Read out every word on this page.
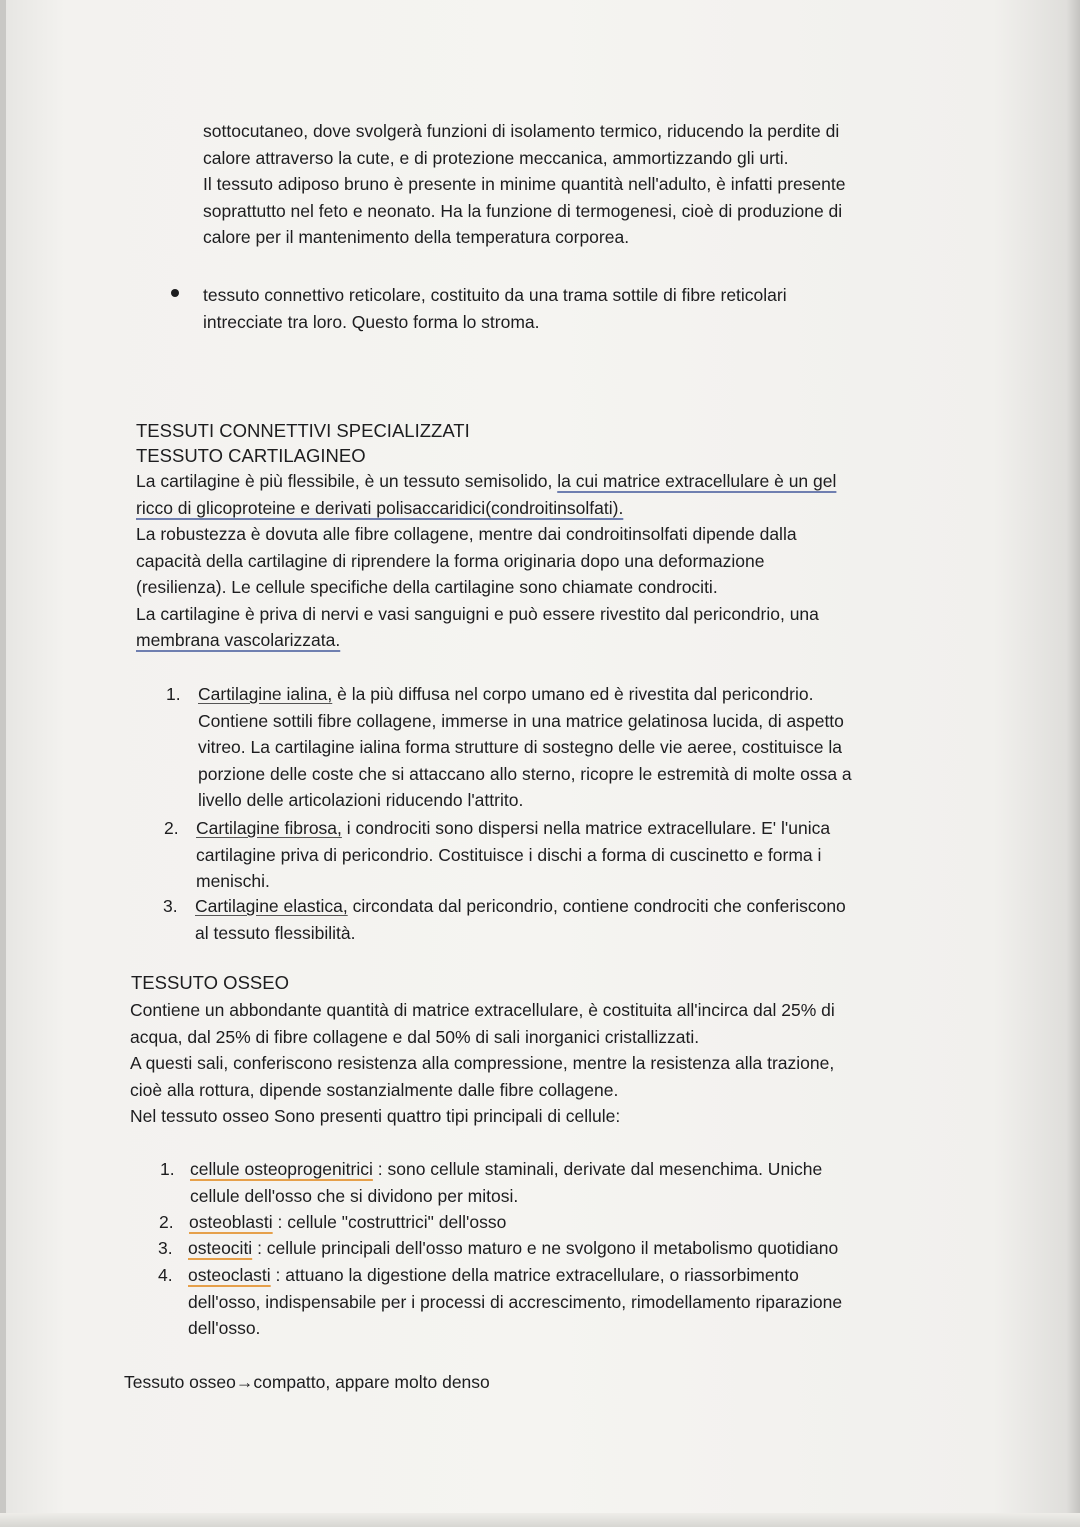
sottocutaneo, dove svolgerà funzioni di isolamento termico, riducendo la perdite di
calore attraverso la cute, e di protezione meccanica, ammortizzando gli urti.
Il tessuto adiposo bruno è presente in minime quantità nell'adulto, è infatti presente
soprattutto nel feto e neonato. Ha la funzione di termogenesi, cioè di produzione di
calore per il mantenimento della temperatura corporea.
tessuto connettivo reticolare, costituito da una trama sottile di fibre reticolari
intrecciate tra loro. Questo forma lo stroma.
TESSUTI CONNETTIVI SPECIALIZZATI
TESSUTO CARTILAGINEO
La cartilagine è più flessibile, è un tessuto semisolido, la cui matrice extracellulare è un gel
ricco di glicoproteine e derivati polisaccaridici(condroitinsolfati).
La robustezza è dovuta alle fibre collagene, mentre dai condroitinsolfati dipende dalla
capacità della cartilagine di riprendere la forma originaria dopo una deformazione
(resilienza). Le cellule specifiche della cartilagine sono chiamate condrociti.
La cartilagine è priva di nervi e vasi sanguigni e può essere rivestito dal pericondrio, una
membrana vascolarizzata.
1. Cartilagine ialina, è la più diffusa nel corpo umano ed è rivestita dal pericondrio.
Contiene sottili fibre collagene, immerse in una matrice gelatinosa lucida, di aspetto
vitreo. La cartilagine ialina forma strutture di sostegno delle vie aeree, costituisce la
porzione delle coste che si attaccano allo sterno, ricopre le estremità di molte ossa a
livello delle articolazioni riducendo l'attrito.
2. Cartilagine fibrosa, i condrociti sono dispersi nella matrice extracellulare. E' l'unica
cartilagine priva di pericondrio. Costituisce i dischi a forma di cuscinetto e forma i
menischi.
3. Cartilagine elastica, circondata dal pericondrio, contiene condrociti che conferiscono
al tessuto flessibilità.
TESSUTO OSSEO
Contiene un abbondante quantità di matrice extracellulare, è costituita all'incirca dal 25% di
acqua, dal 25% di fibre collagene e dal 50% di sali inorganici cristallizzati.
A questi sali, conferiscono resistenza alla compressione, mentre la resistenza alla trazione,
cioè alla rottura, dipende sostanzialmente dalle fibre collagene.
Nel tessuto osseo Sono presenti quattro tipi principali di cellule:
1. cellule osteoprogenitrici : sono cellule staminali, derivate dal mesenchima. Uniche
cellule dell'osso che si dividono per mitosi.
2. osteoblasti : cellule "costruttrici" dell'osso
3. osteociti : cellule principali dell'osso maturo e ne svolgono il metabolismo quotidiano
4. osteoclasti : attuano la digestione della matrice extracellulare, o riassorbimento
dell'osso, indispensabile per i processi di accrescimento, rimodellamento riparazione
dell'osso.
Tessuto osseo→compatto, appare molto denso
